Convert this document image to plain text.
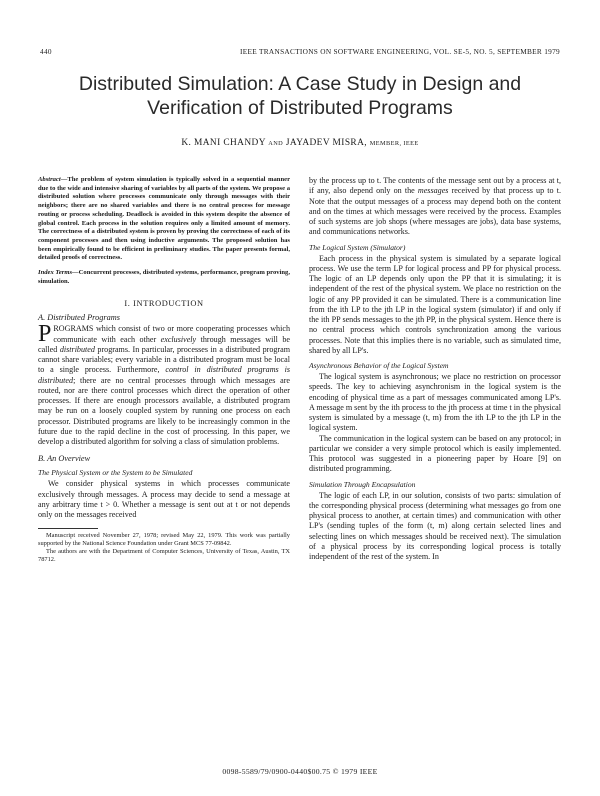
440	IEEE TRANSACTIONS ON SOFTWARE ENGINEERING, VOL. SE-5, NO. 5, SEPTEMBER 1979
Distributed Simulation: A Case Study in Design and
Verification of Distributed Programs
K. MANI CHANDY AND JAYADEV MISRA, MEMBER, IEEE

Abstract—The problem of system simulation is typically solved in a sequential manner due to the wide and intensive sharing of variables by all parts of the system. We propose a distributed solution where processes communicate only through messages with their neighbors; there are no shared variables and there is no central process for message routing or process scheduling. Deadlock is avoided in this system despite the absence of global control. Each process in the solution requires only a limited amount of memory. The correctness of a distributed system is proven by proving the correctness of each of its component processes and then using inductive arguments. The proposed solution has been empirically found to be efficient in preliminary studies. The paper presents formal, detailed proofs of correctness.

Index Terms—Concurrent processes, distributed systems, performance, program proving, simulation.

I. INTRODUCTION
A. Distributed Programs

PROGRAMS which consist of two or more cooperating processes which communicate with each other exclusively through messages will be called distributed programs. In particular, processes in a distributed program cannot share variables; every variable in a distributed program must be local to a single process. Furthermore, control in distributed programs is distributed; there are no central processes through which messages are routed, nor are there control processes which direct the operation of other processes. If there are enough processors available, a distributed program may be run on a loosely coupled system by running one process on each processor. Distributed programs are likely to be increasingly common in the future due to the rapid decline in the cost of processing. In this paper, we develop a distributed algorithm for solving a class of simulation problems.

B. An Overview
The Physical System or the System to be Simulated

We consider physical systems in which processes communicate exclusively through messages. A process may decide to send a message at any arbitrary time t > 0. Whether a message is sent out at t or not depends only on the messages received

Manuscript received November 27, 1978; revised May 22, 1979. This work was partially supported by the National Science Foundation under Grant MCS 77-09842.

The authors are with the Department of Computer Sciences, University of Texas, Austin, TX 78712.

by the process up to t. The contents of the message sent out by a process at t, if any, also depend only on the messages received by that process up to t. Note that the output messages of a process may depend both on the content and on the times at which messages were received by the process. Examples of such systems are job shops (where messages are jobs), data base systems, and communications networks.

The Logical System (Simulator)

Each process in the physical system is simulated by a separate logical process. We use the term LP for logical process and PP for physical process. The logic of an LP depends only upon the PP that it is simulating; it is independent of the rest of the physical system. We place no restriction on the logic of any PP provided it can be simulated. There is a communication line from the ith LP to the jth LP in the logical system (simulator) if and only if the ith PP sends messages to the jth PP, in the physical system. Hence there is no central process which controls synchronization among the various processes. Note that this implies there is no variable, such as simulated time, shared by all LP's.

Asynchronous Behavior of the Logical System

The logical system is asynchronous; we place no restriction on processor speeds. The key to achieving asynchronism in the logical system is the encoding of physical time as a part of messages communicated among LP's. A message m sent by the ith process to the jth process at time t in the physical system is simulated by a message (t, m) from the ith LP to the jth LP in the logical system.

The communication in the logical system can be based on any protocol; in particular we consider a very simple protocol which is easily implemented. This protocol was suggested in a pioneering paper by Hoare [9] on distributed programming.

Simulation Through Encapsulation

The logic of each LP, in our solution, consists of two parts: simulation of the corresponding physical process (determining what messages go from one physical process to another, at certain times) and communication with other LP's (sending tuples of the form (t, m) along certain selected lines and selecting lines on which messages should be received next). The simulation of a physical process by its corresponding logical process is totally independent of the rest of the system. In

0098-5589/79/0900-0440$00.75 © 1979 IEEE
